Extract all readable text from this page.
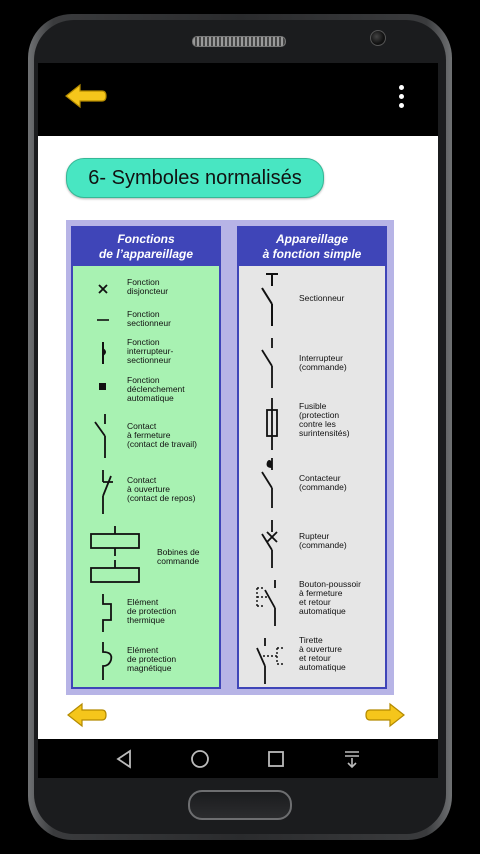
6- Symboles normalisés
Fonctions
de l’appareillage
Fonction
disjoncteur
Fonction
sectionneur
Fonction
interrupteur-
sectionneur
Fonction
déclenchement
automatique
Contact
à fermeture
(contact de travail)
Contact
à ouverture
(contact de repos)
Bobines de
commande
Elément
de protection
thermique
Elément
de protection
magnétique
Appareillage
à fonction simple
Sectionneur
Interrupteur
(commande)
Fusible
(protection
contre les
surintensités)
Contacteur
(commande)
Rupteur
(commande)
Bouton-poussoir
à fermeture
et retour
automatique
Tirette
à ouverture
et retour
automatique
